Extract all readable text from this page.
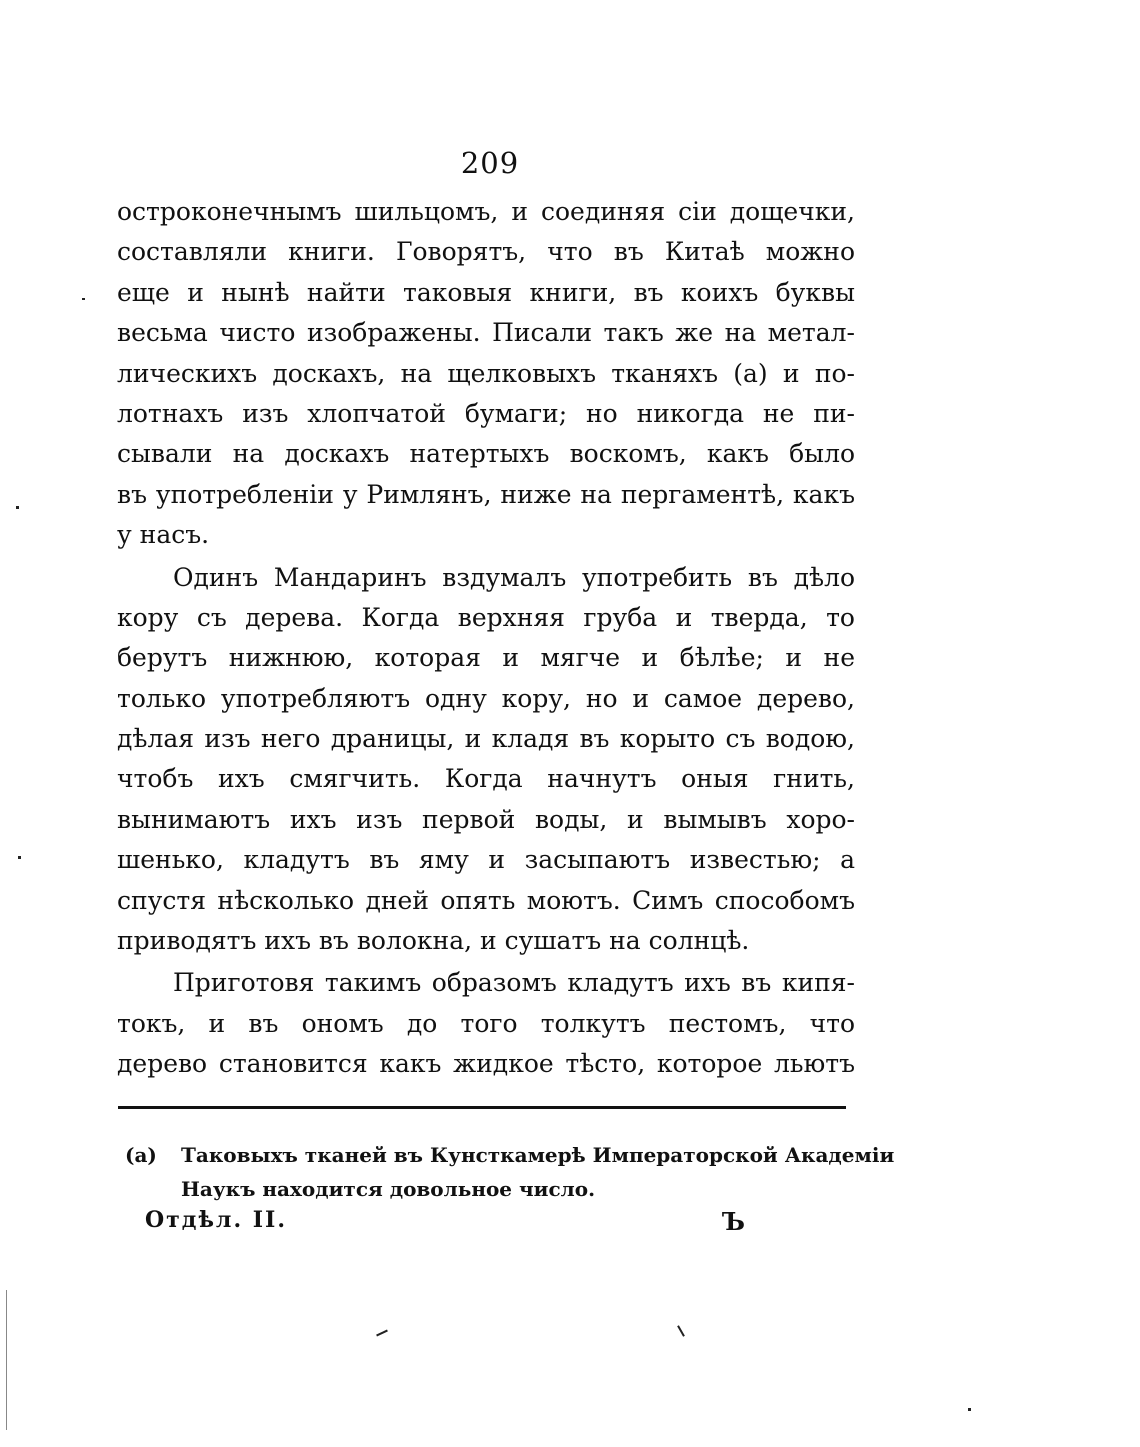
209
остроконечнымъ шильцомъ, и соединяя сіи дощечки,
составляли книги. Говорятъ, что въ Китаѣ можно
еще и нынѣ найти таковыя книги, въ коихъ буквы
весьма чисто изображены. Писали такъ же на метал-
лическихъ доскахъ, на щелковыхъ тканяхъ (a) и по-
лотнахъ изъ хлопчатой бумаги; но никогда не пи-
сывали на доскахъ натертыхъ воскомъ, какъ было
въ употребленіи у Римлянъ, ниже на пергаментѣ, какъ
у насъ.
Одинъ Мандаринъ вздумалъ употребить въ дѣло
кору съ дерева. Когда верхняя груба и тверда, то
берутъ нижнюю, которая и мягче и бѣлѣе; и не
только употребляютъ одну кору, но и самое дерево,
дѣлая изъ него драницы, и кладя въ корыто съ водою,
чтобъ ихъ смягчить. Когда начнутъ оныя гнить,
вынимаютъ ихъ изъ первой воды, и вымывъ хоро-
шенько, кладутъ въ яму и засыпаютъ известью; а
спустя нѣсколько дней опять моютъ. Симъ способомъ
приводятъ ихъ въ волокна, и сушатъ на солнцѣ.
Приготовя такимъ образомъ кладутъ ихъ въ кипя-
токъ, и въ ономъ до того толкутъ пестомъ, что
дерево становится какъ жидкое тѣсто, которое льютъ
(a) Таковыхъ тканей въ Кунсткамерѣ Императорской Академіи
Наукъ находится довольное число.
Отдѣл. II.	Ъ
